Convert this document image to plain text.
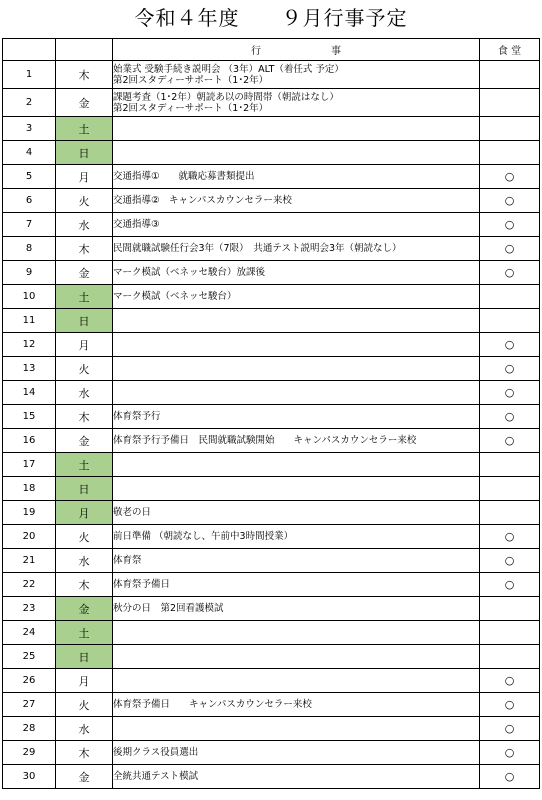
令和４年度　　９月行事予定
		行　　　　　　　事	食 堂
1	木	始業式 受験手続き説明会 （3年）ALT（着任式 予定）
第2回スタディーサポート（1･2年）	

2	金	課題考査（1･2年）朝読あ以の時間帯（朝読はなし）
第2回スタディーサポート（1･2年）	

3	土		
4	日		
5	月	交通指導①　　就職応募書類提出	○
6	火	交通指導②　キャンパスカウンセラー来校	○
7	水	交通指導③	○
8	木	民間就職試験任行会3年（7限）　共通テスト説明会3年（朝読なし）	○
9	金	マーク模試（ベネッセ駿台）放課後	○
10	土	マーク模試（ベネッセ駿台）	
11	日		
12	月		○
13	火		○
14	水		○
15	木	体育祭予行	○
16	金	体育祭予行予備日　民間就職試験開始　　キャンパスカウンセラー来校	○
17	土		
18	日		
19	月	敬老の日	
20	火	前日準備 （朝読なし、午前中3時間授業）	○
21	水	体育祭	○
22	木	体育祭予備日	○
23	金	秋分の日　第2回看護模試	
24	土		
25	日	

26	月		○
27	火	体育祭予備日　　キャンパスカウンセラー来校	○
28	水		○
29	木	後期クラス役員選出	○
30	金	全統共通テスト模試	○
